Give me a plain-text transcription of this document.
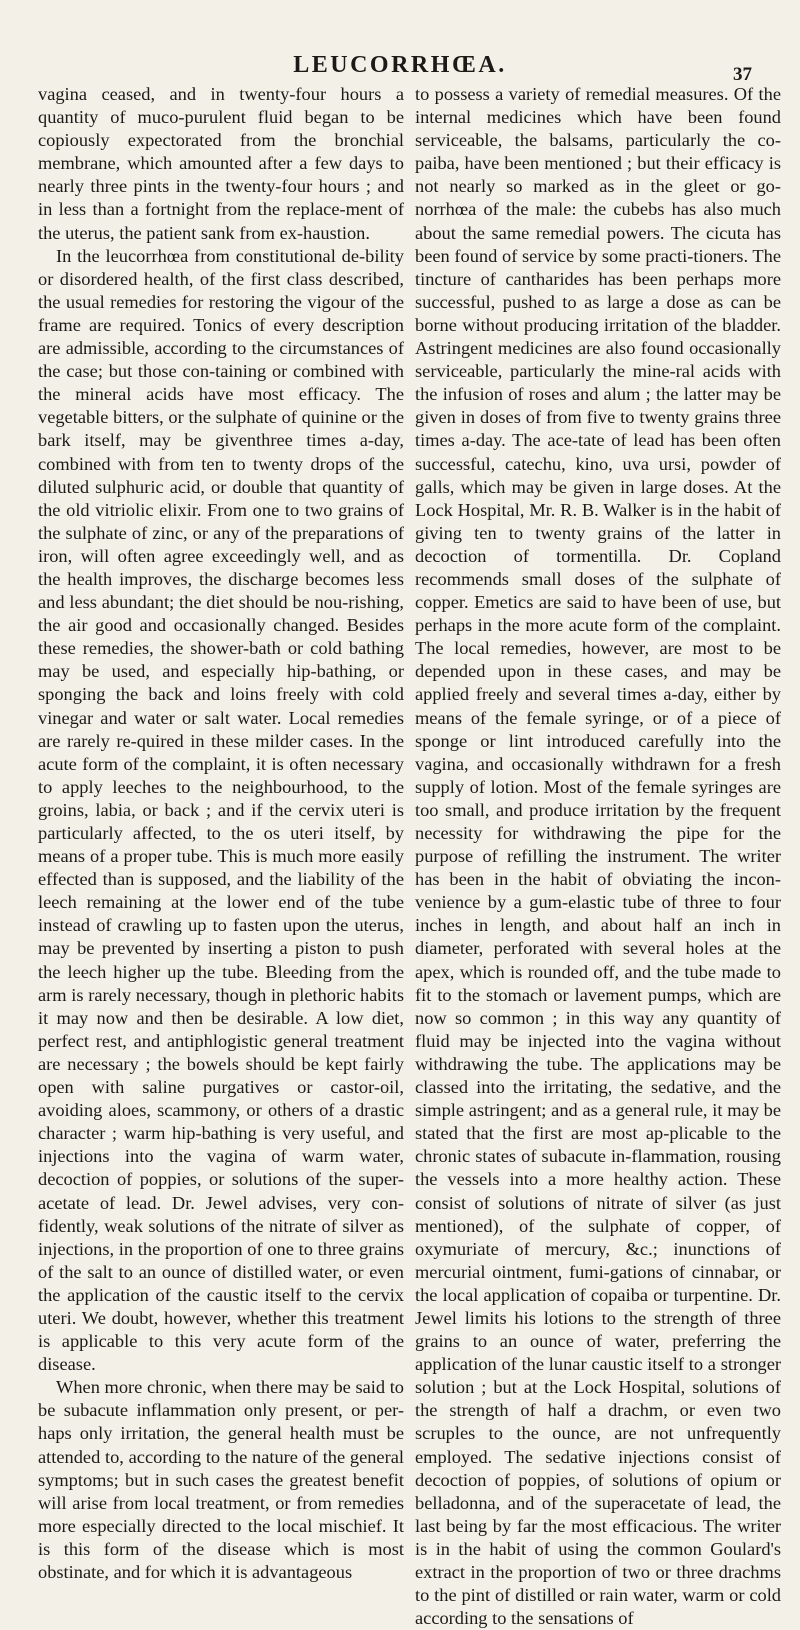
LEUCORRHŒA.	37

vagina ceased, and in twenty-four hours a quantity of muco-purulent fluid began to be copiously expectorated from the bronchial membrane, which amounted after a few days to nearly three pints in the twenty-four hours ; and in less than a fortnight from the replace-ment of the uterus, the patient sank from ex-haustion.

In the leucorrhœa from constitutional de-bility or disordered health, of the first class described, the usual remedies for restoring the vigour of the frame are required. Tonics of every description are admissible, according to the circumstances of the case; but those con-taining or combined with the mineral acids have most efficacy. The vegetable bitters, or the sulphate of quinine or the bark itself, may be giventhree times a-day, combined with from ten to twenty drops of the diluted sulphuric acid, or double that quantity of the old vitriolic elixir. From one to two grains of the sulphate of zinc, or any of the preparations of iron, will often agree exceedingly well, and as the health improves, the discharge becomes less and less abundant; the diet should be nou-rishing, the air good and occasionally changed. Besides these remedies, the shower-bath or cold bathing may be used, and especially hip-bathing, or sponging the back and loins freely with cold vinegar and water or salt water. Local remedies are rarely re-quired in these milder cases. In the acute form of the complaint, it is often necessary to apply leeches to the neighbourhood, to the groins, labia, or back ; and if the cervix uteri is particularly affected, to the os uteri itself, by means of a proper tube. This is much more easily effected than is supposed, and the liability of the leech remaining at the lower end of the tube instead of crawling up to fasten upon the uterus, may be prevented by inserting a piston to push the leech higher up the tube. Bleeding from the arm is rarely necessary, though in plethoric habits it may now and then be desirable. A low diet, perfect rest, and antiphlogistic general treatment are necessary ; the bowels should be kept fairly open with saline purgatives or castor-oil, avoiding aloes, scammony, or others of a drastic character ; warm hip-bathing is very useful, and injections into the vagina of warm water, decoction of poppies, or solutions of the super-acetate of lead. Dr. Jewel advises, very con-fidently, weak solutions of the nitrate of silver as injections, in the proportion of one to three grains of the salt to an ounce of distilled water, or even the application of the caustic itself to the cervix uteri. We doubt, however, whether this treatment is applicable to this very acute form of the disease.

When more chronic, when there may be said to be subacute inflammation only present, or per-haps only irritation, the general health must be attended to, according to the nature of the general symptoms; but in such cases the greatest benefit will arise from local treatment, or from remedies more especially directed to the local mischief. It is this form of the disease which is most obstinate, and for which it is advantageous

to possess a variety of remedial measures. Of the internal medicines which have been found serviceable, the balsams, particularly the co-paiba, have been mentioned ; but their efficacy is not nearly so marked as in the gleet or go-norrhœa of the male: the cubebs has also much about the same remedial powers. The cicuta has been found of service by some practi-tioners. The tincture of cantharides has been perhaps more successful, pushed to as large a dose as can be borne without producing irritation of the bladder. Astringent medicines are also found occasionally serviceable, particularly the mine-ral acids with the infusion of roses and alum ; the latter may be given in doses of from five to twenty grains three times a-day. The ace-tate of lead has been often successful, catechu, kino, uva ursi, powder of galls, which may be given in large doses. At the Lock Hospital, Mr. R. B. Walker is in the habit of giving ten to twenty grains of the latter in decoction of tormentilla. Dr. Copland recommends small doses of the sulphate of copper. Emetics are said to have been of use, but perhaps in the more acute form of the complaint. The local remedies, however, are most to be depended upon in these cases, and may be applied freely and several times a-day, either by means of the female syringe, or of a piece of sponge or lint introduced carefully into the vagina, and occasionally withdrawn for a fresh supply of lotion. Most of the female syringes are too small, and produce irritation by the frequent necessity for withdrawing the pipe for the purpose of refilling the instrument. The writer has been in the habit of obviating the incon-venience by a gum-elastic tube of three to four inches in length, and about half an inch in diameter, perforated with several holes at the apex, which is rounded off, and the tube made to fit to the stomach or lavement pumps, which are now so common ; in this way any quantity of fluid may be injected into the vagina without withdrawing the tube. The applications may be classed into the irritating, the sedative, and the simple astringent; and as a general rule, it may be stated that the first are most ap-plicable to the chronic states of subacute in-flammation, rousing the vessels into a more healthy action. These consist of solutions of nitrate of silver (as just mentioned), of the sulphate of copper, of oxymuriate of mercury, &c.; inunctions of mercurial ointment, fumi-gations of cinnabar, or the local application of copaiba or turpentine. Dr. Jewel limits his lotions to the strength of three grains to an ounce of water, preferring the application of the lunar caustic itself to a stronger solution ; but at the Lock Hospital, solutions of the strength of half a drachm, or even two scruples to the ounce, are not unfrequently employed. The sedative injections consist of decoction of poppies, of solutions of opium or belladonna, and of the superacetate of lead, the last being by far the most efficacious. The writer is in the habit of using the common Goulard's extract in the proportion of two or three drachms to the pint of distilled or rain water, warm or cold according to the sensations of
